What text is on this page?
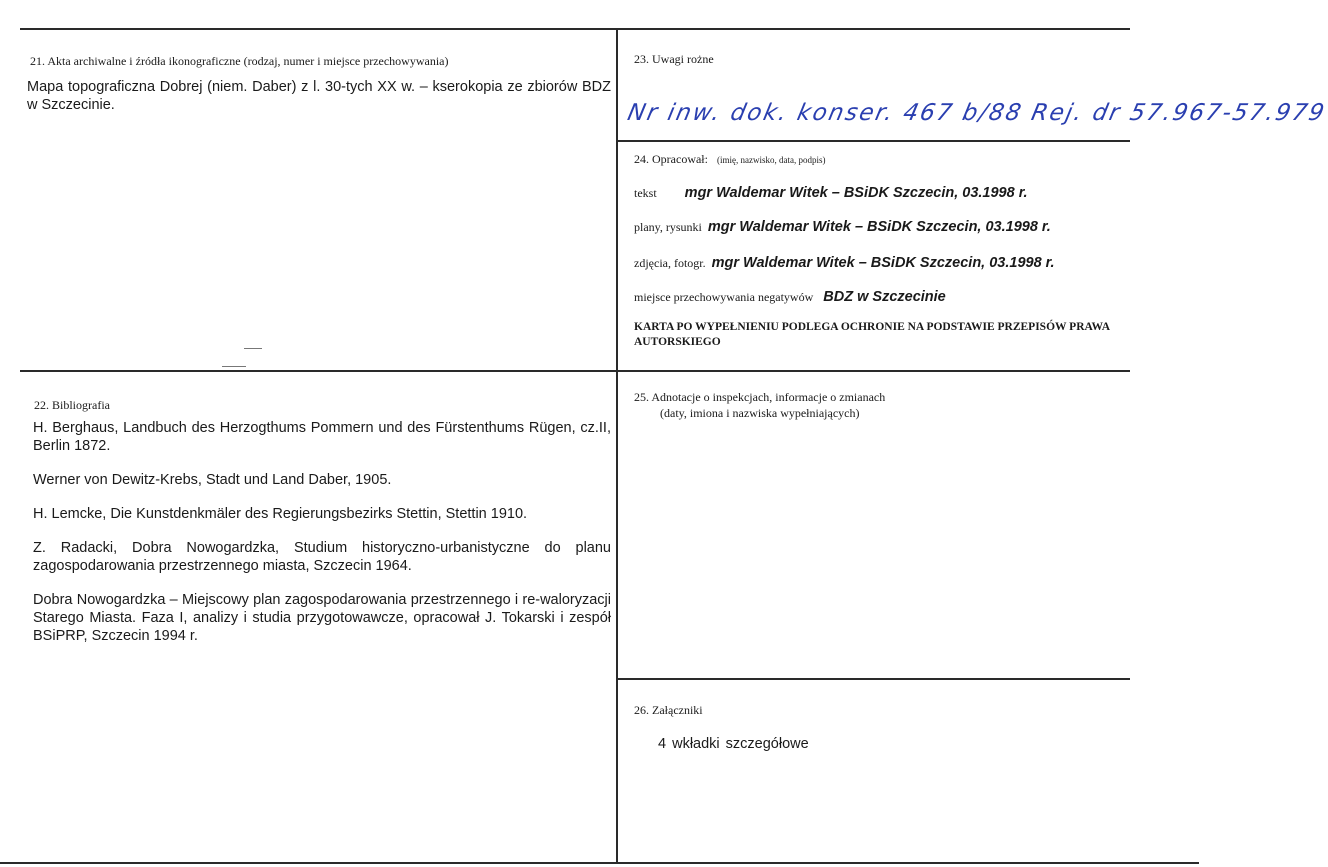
21. Akta archiwalne i źródła ikonograficzne (rodzaj, numer i miejsce przechowywania)
Mapa topograficzna Dobrej (niem. Daber) z l. 30-tych XX w. – kserokopia ze zbiorów BDZ w Szczecinie.
22. Bibliografia
H. Berghaus, Landbuch des Herzogthums Pommern und des Fürstenthums Rügen, cz.II, Berlin 1872.
Werner von Dewitz-Krebs, Stadt und Land Daber, 1905.
H. Lemcke, Die Kunstdenkmäler des Regierungsbezirks Stettin, Stettin 1910.
Z. Radacki, Dobra Nowogardzka, Studium historyczno-urbanistyczne do planu zagospodarowania przestrzennego miasta, Szczecin 1964.
Dobra Nowogardzka – Miejscowy plan zagospodarowania przestrzennego i re-waloryzacji Starego Miasta. Faza I, analizy i studia przygotowawcze, opracował J. Tokarski i zespół BSiPRP, Szczecin 1994 r.
23. Uwagi rożne
Nr inw. dok. konser. 467 b/88 Rej. dr 57.967-57.979
24. Opracował: (imię, nazwisko, data, podpis)
tekst mgr Waldemar Witek – BSiDK Szczecin, 03.1998 r.
plany, rysunki mgr Waldemar Witek – BSiDK Szczecin, 03.1998 r.
zdjęcia, fotogr. mgr Waldemar Witek – BSiDK Szczecin, 03.1998 r.
miejsce przechowywania negatywów BDZ w Szczecinie
KARTA PO WYPEŁNIENIU PODLEGA OCHRONIE NA PODSTAWIE PRZEPISÓW PRAWA AUTORSKIEGO
25. Adnotacje o inspekcjach, informacje o zmianach
(daty, imiona i nazwiska wypełniających)
26. Załączniki
4 wkładki szczegółowe
